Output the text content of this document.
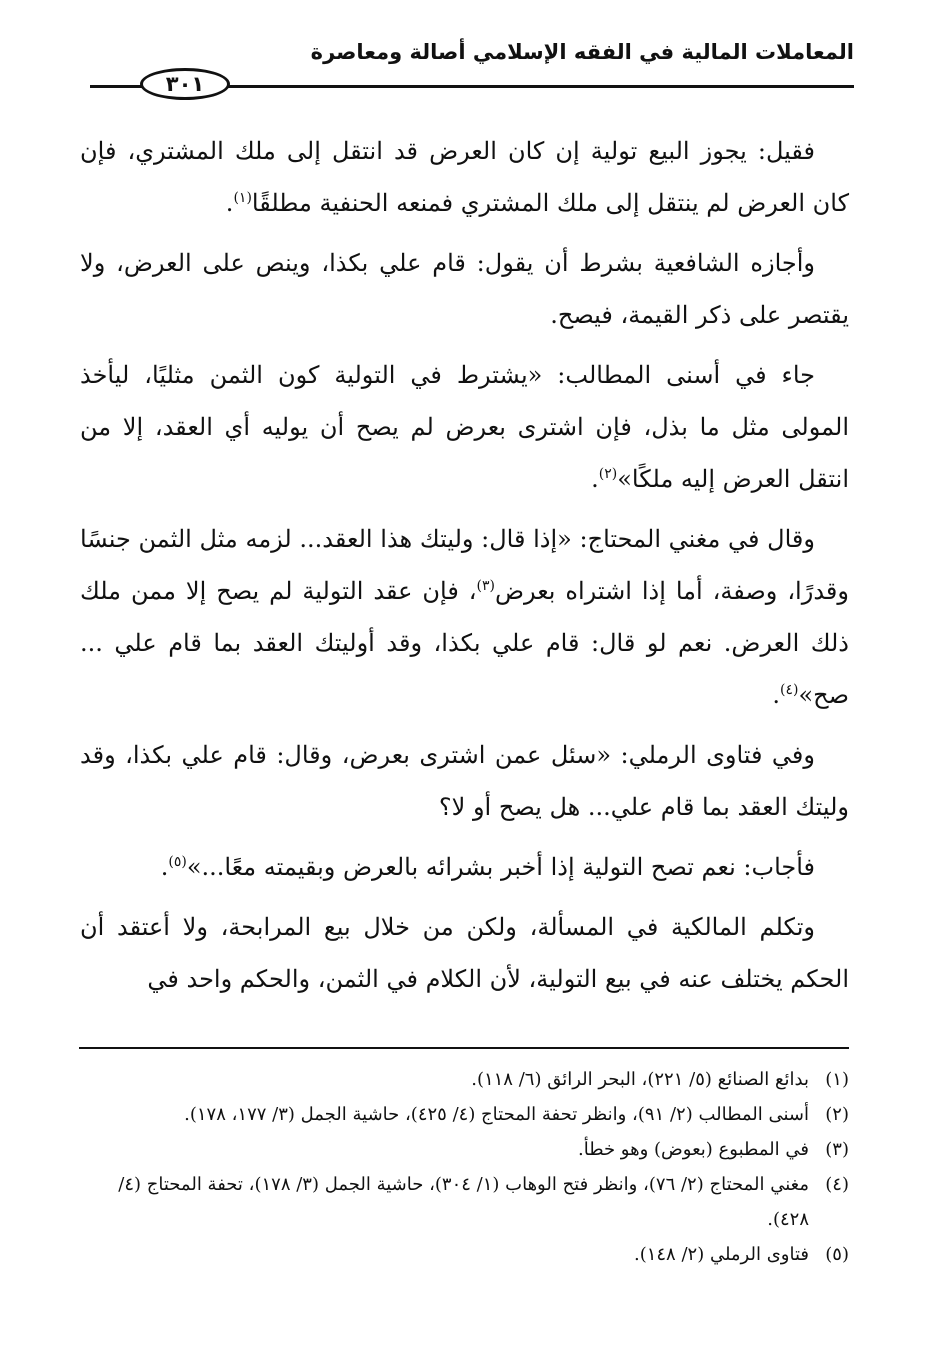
المعاملات المالية في الفقه الإسلامي أصالة ومعاصرة
٣٠١

فقيل: يجوز البيع تولية إن كان العرض قد انتقل إلى ملك المشتري، فإن كان العرض لم ينتقل إلى ملك المشتري فمنعه الحنفية مطلقًا$^{(١)}$.

وأجازه الشافعية بشرط أن يقول: قام علي بكذا، وينص على العرض، ولا يقتصر على ذكر القيمة، فيصح.

جاء في أسنى المطالب: «يشترط في التولية كون الثمن مثليًا، ليأخذ المولى مثل ما بذل، فإن اشترى بعرض لم يصح أن يوليه أي العقد، إلا من انتقل العرض إليه ملكًا»$^{(٢)}$.

وقال في مغني المحتاج: «إذا قال: وليتك هذا العقد... لزمه مثل الثمن جنسًا وقدرًا، وصفة، أما إذا اشتراه بعرض$^{(٣)}$، فإن عقد التولية لم يصح إلا ممن ملك ذلك العرض. نعم لو قال: قام علي بكذا، وقد أوليتك العقد بما قام علي ... صح»$^{(٤)}$.

وفي فتاوى الرملي: «سئل عمن اشترى بعرض، وقال: قام علي بكذا، وقد وليتك العقد بما قام علي... هل يصح أو لا؟

فأجاب: نعم تصح التولية إذا أخبر بشرائه بالعرض وبقيمته معًا...»$^{(٥)}$.

وتكلم المالكية في المسألة، ولكن من خلال بيع المرابحة، ولا أعتقد أن الحكم يختلف عنه في بيع التولية، لأن الكلام في الثمن، والحكم واحد في

(١)
بدائع الصنائع (٥/ ٢٢١)، البحر الرائق (٦/ ١١٨).

(٢)
أسنى المطالب (٢/ ٩١)، وانظر تحفة المحتاج (٤/ ٤٢٥)، حاشية الجمل (٣/ ١٧٧، ١٧٨).

(٣)
في المطبوع (بعوض) وهو خطأ.

(٤)
مغني المحتاج (٢/ ٧٦)، وانظر فتح الوهاب (١/ ٣٠٤)، حاشية الجمل (٣/ ١٧٨)، تحفة المحتاج (٤/ ٤٢٨).

(٥)
فتاوى الرملي (٢/ ١٤٨).
